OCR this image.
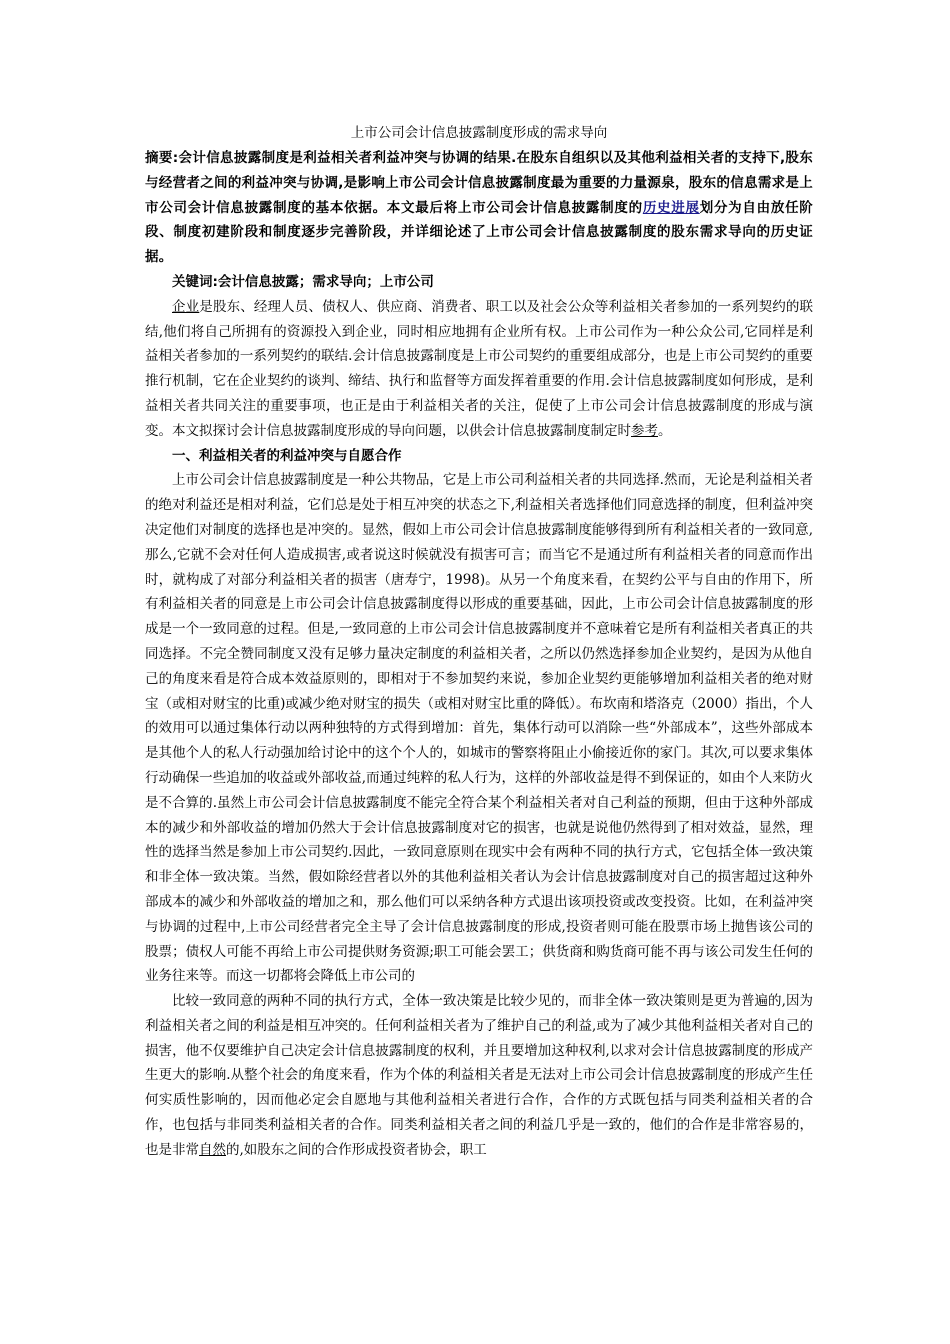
上市公司会计信息披露制度形成的需求导向

摘要:会计信息披露制度是利益相关者利益冲突与协调的结果.在股东自组织以及其他利益相关者的支持下,股东与经营者之间的利益冲突与协调,是影响上市公司会计信息披露制度最为重要的力量源泉，股东的信息需求是上市公司会计信息披露制度的基本依据。本文最后将上市公司会计信息披露制度的历史进展划分为自由放任阶段、制度初建阶段和制度逐步完善阶段，并详细论述了上市公司会计信息披露制度的股东需求导向的历史证据。

关键词:会计信息披露；需求导向；上市公司

企业是股东、经理人员、债权人、供应商、消费者、职工以及社会公众等利益相关者参加的一系列契约的联结,他们将自己所拥有的资源投入到企业，同时相应地拥有企业所有权。上市公司作为一种公众公司,它同样是利益相关者参加的一系列契约的联结.会计信息披露制度是上市公司契约的重要组成部分，也是上市公司契约的重要推行机制，它在企业契约的谈判、缔结、执行和监督等方面发挥着重要的作用.会计信息披露制度如何形成，是利益相关者共同关注的重要事项，也正是由于利益相关者的关注，促使了上市公司会计信息披露制度的形成与演变。本文拟探讨会计信息披露制度形成的导向问题，以供会计信息披露制度制定时参考。

一、利益相关者的利益冲突与自愿合作

上市公司会计信息披露制度是一种公共物品，它是上市公司利益相关者的共同选择.然而，无论是利益相关者的绝对利益还是相对利益，它们总是处于相互冲突的状态之下,利益相关者选择他们同意选择的制度，但利益冲突决定他们对制度的选择也是冲突的。显然，假如上市公司会计信息披露制度能够得到所有利益相关者的一致同意,那么,它就不会对任何人造成损害,或者说这时候就没有损害可言；而当它不是通过所有利益相关者的同意而作出时，就构成了对部分利益相关者的损害（唐寿宁，1998)。从另一个角度来看，在契约公平与自由的作用下，所有利益相关者的同意是上市公司会计信息披露制度得以形成的重要基础，因此，上市公司会计信息披露制度的形成是一个一致同意的过程。但是,一致同意的上市公司会计信息披露制度并不意味着它是所有利益相关者真正的共同选择。不完全赞同制度又没有足够力量决定制度的利益相关者，之所以仍然选择参加企业契约，是因为从他自己的角度来看是符合成本效益原则的，即相对于不参加契约来说，参加企业契约更能够增加利益相关者的绝对财宝（或相对财宝的比重)或减少绝对财宝的损失（或相对财宝比重的降低）。布坎南和塔洛克（2000）指出，个人的效用可以通过集体行动以两种独特的方式得到增加：首先，集体行动可以消除一些“外部成本”，这些外部成本是其他个人的私人行动强加给讨论中的这个个人的，如城市的警察将阻止小偷接近你的家门。其次,可以要求集体行动确保一些追加的收益或外部收益,而通过纯粹的私人行为，这样的外部收益是得不到保证的，如由个人来防火是不合算的.虽然上市公司会计信息披露制度不能完全符合某个利益相关者对自己利益的预期，但由于这种外部成本的减少和外部收益的增加仍然大于会计信息披露制度对它的损害，也就是说他仍然得到了相对效益，显然，理性的选择当然是参加上市公司契约.因此，一致同意原则在现实中会有两种不同的执行方式，它包括全体一致决策和非全体一致决策。当然，假如除经营者以外的其他利益相关者认为会计信息披露制度对自己的损害超过这种外部成本的减少和外部收益的增加之和，那么他们可以采纳各种方式退出该项投资或改变投资。比如，在利益冲突与协调的过程中,上市公司经营者完全主导了会计信息披露制度的形成,投资者则可能在股票市场上抛售该公司的股票；债权人可能不再给上市公司提供财务资源;职工可能会罢工；供货商和购货商可能不再与该公司发生任何的业务往来等。而这一切都将会降低上市公司的

比较一致同意的两种不同的执行方式，全体一致决策是比较少见的，而非全体一致决策则是更为普遍的,因为利益相关者之间的利益是相互冲突的。任何利益相关者为了维护自己的利益,或为了减少其他利益相关者对自己的损害，他不仅要维护自己决定会计信息披露制度的权利，并且要增加这种权利,以求对会计信息披露制度的形成产生更大的影响.从整个社会的角度来看，作为个体的利益相关者是无法对上市公司会计信息披露制度的形成产生任何实质性影响的，因而他必定会自愿地与其他利益相关者进行合作，合作的方式既包括与同类利益相关者的合作，也包括与非同类利益相关者的合作。同类利益相关者之间的利益几乎是一致的，他们的合作是非常容易的，也是非常自然的,如股东之间的合作形成投资者协会，职工
